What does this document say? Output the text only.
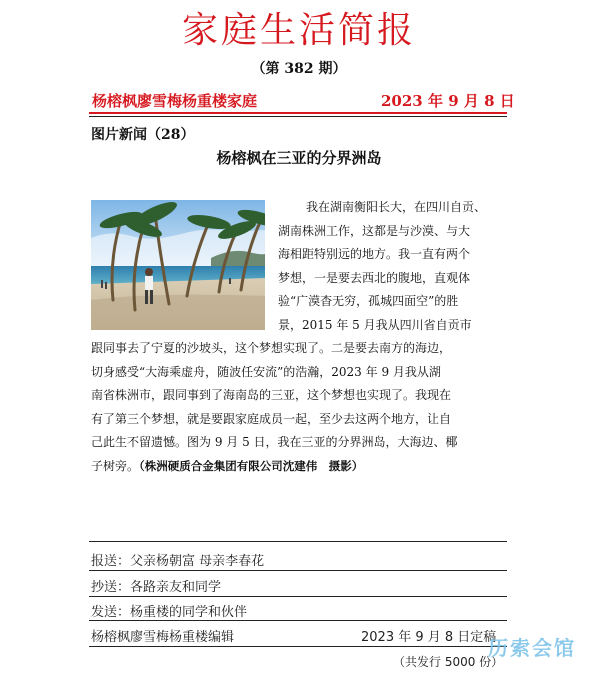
家庭生活简报
（第 382 期）
杨榕枫廖雪梅杨重楼家庭	2023 年 9 月 8 日
图片新闻（28）
杨榕枫在三亚的分界洲岛
我在湖南衡阳长大，在四川自贡、
湖南株洲工作，这都是与沙漠、与大
海相距特别远的地方。我一直有两个
梦想，一是要去西北的腹地，直观体
验“广漠杳无穷，孤城四面空”的胜
景，2015 年 5 月我从四川省自贡市
跟同事去了宁夏的沙坡头，这个梦想实现了。二是要去南方的海边，
切身感受“大海乘虚舟，随波任安流”的浩瀚，2023 年 9 月我从湖
南省株洲市，跟同事到了海南岛的三亚，这个梦想也实现了。我现在
有了第三个梦想，就是要跟家庭成员一起，至少去这两个地方，让自
己此生不留遗憾。图为 9 月 5 日，我在三亚的分界洲岛，大海边、椰
子树旁。（株洲硬质合金集团有限公司沈建伟　摄影）
报送：父亲杨朝富 母亲李春花
抄送：各路亲友和同学
发送：杨重楼的同学和伙伴
杨榕枫廖雪梅杨重楼编辑	2023 年 9 月 8 日定稿
（共发行 5000 份）
历索会馆
